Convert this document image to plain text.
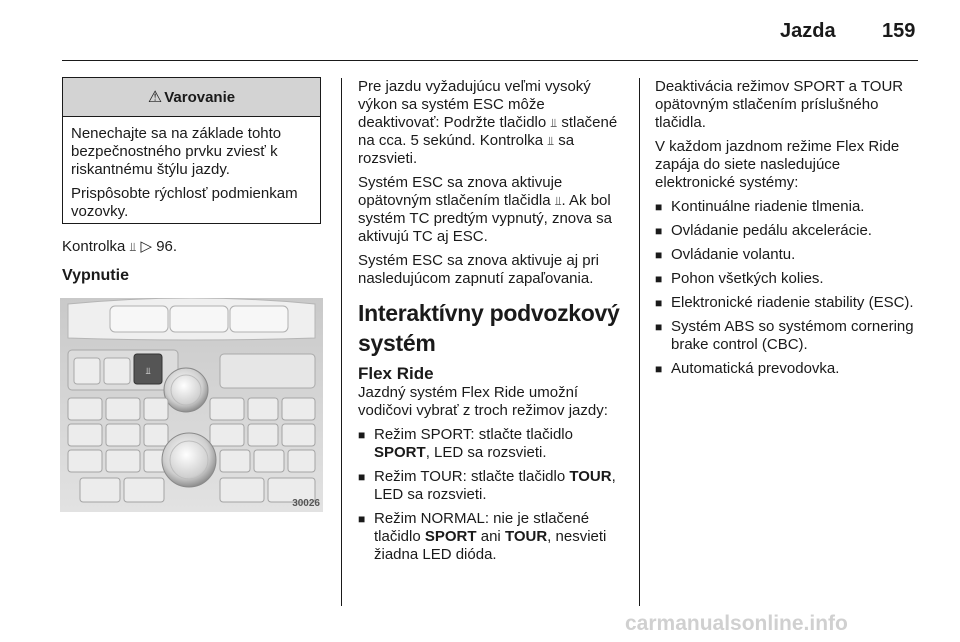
Jazda 159
⚠ Varovanie

Nenechajte sa na základe tohto bezpečnostného prvku zviesť k riskantnému štýlu jazdy.

Prispôsobte rýchlosť podmienkam vozovky.

Kontrolka ⫫ ▷ 96.

Vypnutie
⫫
30026

Pre jazdu vyžadujúcu veľmi vysoký výkon sa systém ESC môže deaktivovať: Podržte tlačidlo ⫫ stlačené na cca. 5 sekúnd. Kontrolka ⫫ sa rozsvieti.

Systém ESC sa znova aktivuje opätovným stlačením tlačidla ⫫. Ak bol systém TC predtým vypnutý, znova sa aktivujú TC aj ESC.

Systém ESC sa znova aktivuje aj pri nasledujúcom zapnutí zapaľovania.

Interaktívny podvozkový systém
Flex Ride

Jazdný systém Flex Ride umožní vodičovi vybrať z troch režimov jazdy:

■ Režim SPORT: stlačte tlačidlo SPORT, LED sa rozsvieti.
■ Režim TOUR: stlačte tlačidlo TOUR, LED sa rozsvieti.
■ Režim NORMAL: nie je stlačené tlačidlo SPORT ani TOUR, nesvieti žiadna LED dióda.

Deaktivácia režimov SPORT a TOUR opätovným stlačením príslušného tlačidla.

V každom jazdnom režime Flex Ride zapája do siete nasledujúce elektronické systémy:

■ Kontinuálne riadenie tlmenia.
■ Ovládanie pedálu akcelerácie.
■ Ovládanie volantu.
■ Pohon všetkých kolies.
■ Elektronické riadenie stability (ESC).
■ Systém ABS so systémom cornering brake control (CBC).
■ Automatická prevodovka.
carmanualsonline.info
